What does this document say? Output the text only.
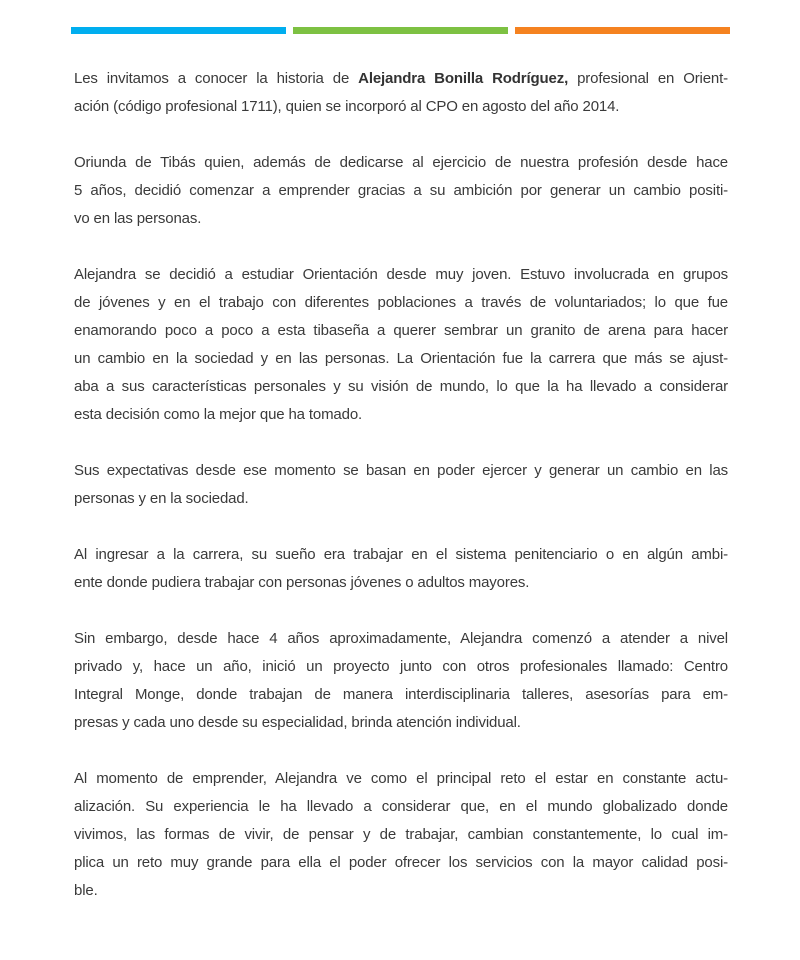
Les invitamos a conocer la historia de Alejandra Bonilla Rodríguez, profesional en Orient-
ación (código profesional 1711), quien se incorporó al CPO en agosto del año 2014.

Oriunda de Tibás quien, además de dedicarse al ejercicio de nuestra profesión desde hace
5 años, decidió comenzar a emprender gracias a su ambición por generar un cambio positi-
vo en las personas.

Alejandra se decidió a estudiar Orientación desde muy joven. Estuvo involucrada en grupos
de jóvenes y en el trabajo con diferentes poblaciones a través de voluntariados; lo que fue
enamorando poco a poco a esta tibaseña a querer sembrar un granito de arena para hacer
un cambio en la sociedad y en las personas. La Orientación fue la carrera que más se ajust-
aba a sus características personales y su visión de mundo, lo que la ha llevado a considerar
esta decisión como la mejor que ha tomado.

Sus expectativas desde ese momento se basan en poder ejercer y generar un cambio en las
personas y en la sociedad.

Al ingresar a la carrera, su sueño era trabajar en el sistema penitenciario o en algún ambi-
ente donde pudiera trabajar con personas jóvenes o adultos mayores.

Sin embargo, desde hace 4 años aproximadamente, Alejandra comenzó a atender a nivel
privado y, hace un año, inició un proyecto junto con otros profesionales llamado: Centro
Integral Monge, donde trabajan de manera interdisciplinaria talleres, asesorías para em-
presas y cada uno desde su especialidad, brinda atención individual.

Al momento de emprender, Alejandra ve como el principal reto el estar en constante actu-
alización. Su experiencia le ha llevado a considerar que, en el mundo globalizado donde
vivimos, las formas de vivir, de pensar y de trabajar, cambian constantemente, lo cual im-
plica un reto muy grande para ella el poder ofrecer los servicios con la mayor calidad posi-
ble.
